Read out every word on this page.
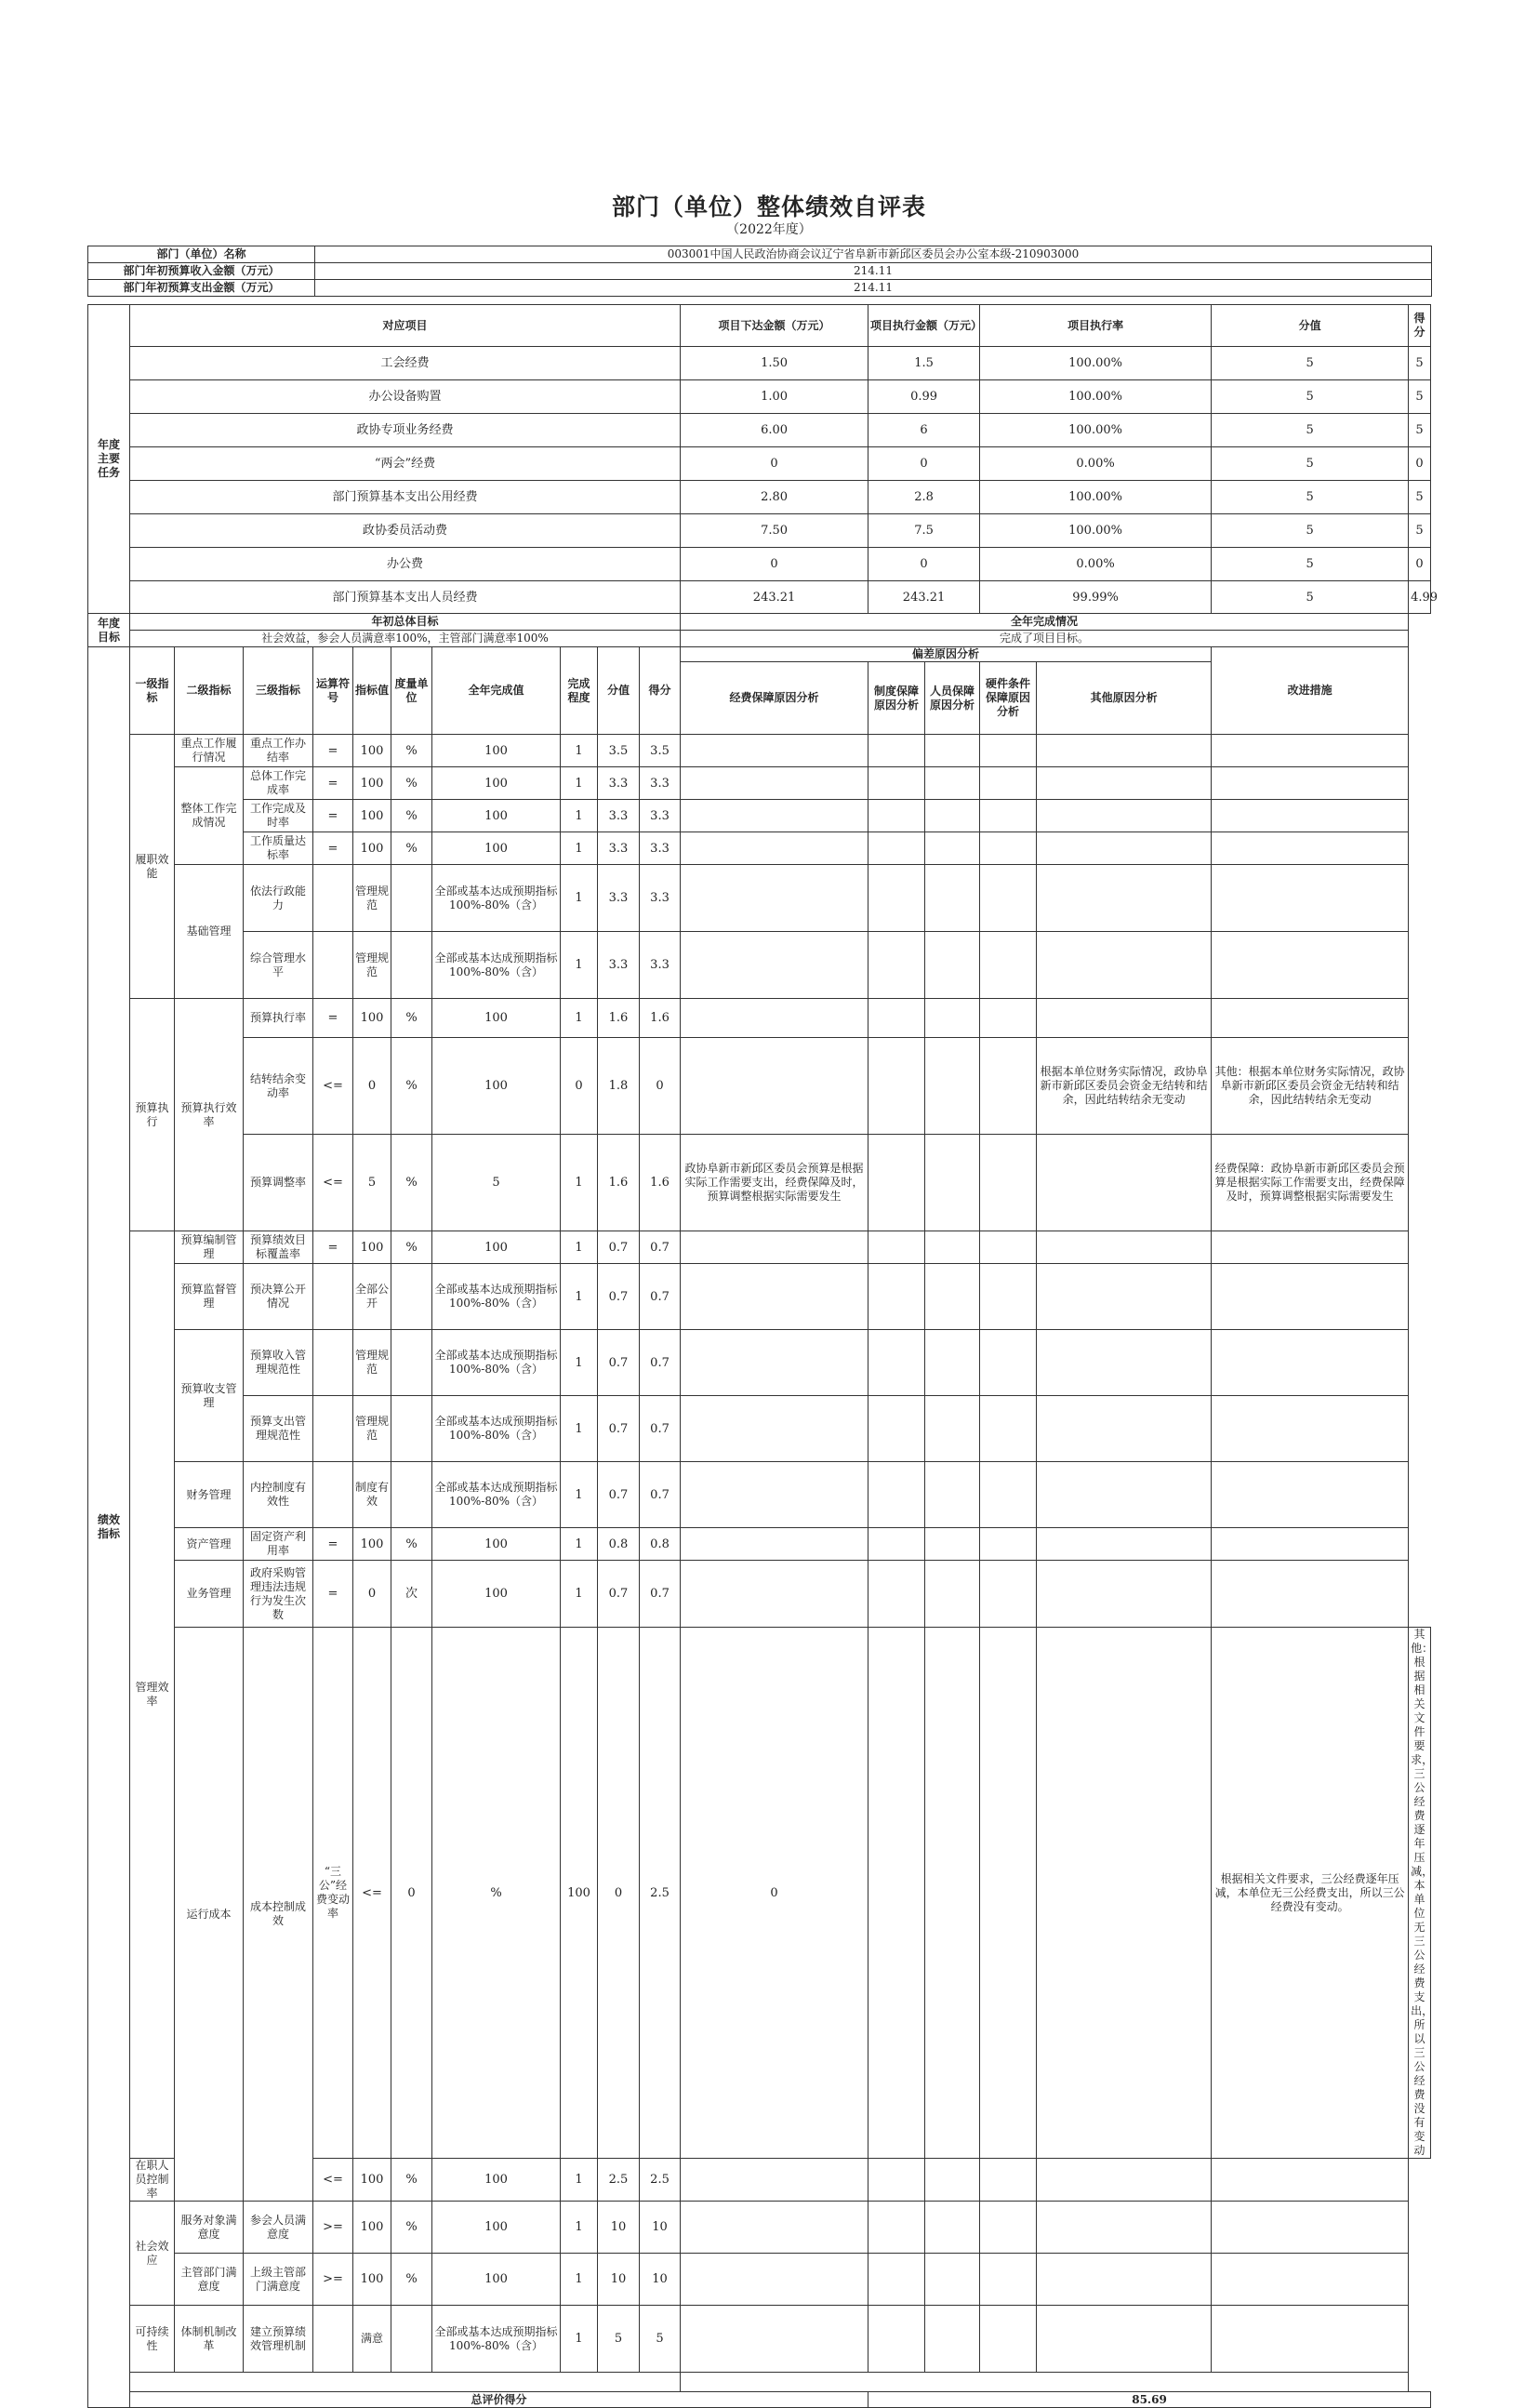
部门（单位）整体绩效自评表
（2022年度）
部门（单位）名称	003001中国人民政治协商会议辽宁省阜新市新邱区委员会办公室本级-210903000
部门年初预算收入金额（万元）	214.11
部门年初预算支出金额（万元）	214.11
年度主要任务	对应项目										项目下达金额（万元）	项目执行金额（万元）		项目执行率		分值	得分
	工会经费										1.50	1.5		100.00%		5	5
	办公设备购置										1.00	0.99		100.00%		5	5
	政协专项业务经费										6.00	6		100.00%		5	5
	“两会”经费										0	0		0.00%		5	0
	部门预算基本支出公用经费										2.80	2.8		100.00%		5	5
	政协委员活动费										7.50	7.5		100.00%		5	5
	办公费										0	0		0.00%		5	0
	部门预算基本支出人员经费										243.21	243.21		99.99%		5	4.99
年度目标	年初总体目标										全年完成情况						
	社会效益，参会人员满意率100%，主管部门满意率100%										完成了项目目标。						
绩效指标	一级指标	二级指标	三级指标	运算符号	指标值	度量单位	全年完成值	完成程度	分值	得分	偏差原因分析					改进措施	
											经费保障原因分析	制度保障原因分析	人员保障原因分析	硬件条件保障原因分析	其他原因分析		
	履职效能	重点工作履行情况	重点工作办结率	=	100	%	100	1	3.5	3.5							
		整体工作完成情况	总体工作完成率	=	100	%	100	1	3.3	3.3							
			工作完成及时率	=	100	%	100	1	3.3	3.3							
			工作质量达标率	=	100	%	100	1	3.3	3.3							
		基础管理	依法行政能力		管理规范		全部或基本达成预期指标100%-80%（含）	1	3.3	3.3							
			综合管理水平		管理规范		全部或基本达成预期指标100%-80%（含）	1	3.3	3.3							
	预算执行	预算执行效率	预算执行率	=	100	%	100	1	1.6	1.6							
			结转结余变动率	<=	0	%	100	0	1.8	0					根据本单位财务实际情况，政协阜新市新邱区委员会资金无结转和结余，因此结转结余无变动	其他：根据本单位财务实际情况，政协阜新市新邱区委员会资金无结转和结余，因此结转结余无变动	
			预算调整率	<=	5	%	5	1	1.6	1.6	政协阜新市新邱区委员会预算是根据实际工作需要支出，经费保障及时，预算调整根据实际需要发生					经费保障：政协阜新市新邱区委员会预算是根据实际工作需要支出，经费保障及时，预算调整根据实际需要发生	
	管理效率	预算编制管理	预算绩效目标覆盖率	=	100	%	100	1	0.7	0.7							
		预算监督管理	预决算公开情况		全部公开		全部或基本达成预期指标100%-80%（含）	1	0.7	0.7							
		预算收支管理	预算收入管理规范性		管理规范		全部或基本达成预期指标100%-80%（含）	1	0.7	0.7							
			预算支出管理规范性		管理规范		全部或基本达成预期指标100%-80%（含）	1	0.7	0.7							
		财务管理	内控制度有效性		制度有效		全部或基本达成预期指标100%-80%（含）	1	0.7	0.7							
		资产管理	固定资产利用率	=	100	%	100	1	0.8	0.8							
		业务管理	政府采购管理违法违规行为发生次数	=	0	次	100	1	0.7	0.7							
		运行成本	成本控制成效	“三公”经费变动率	<=	0	%	100	0	2.5	0					根据相关文件要求，三公经费逐年压减，本单位无三公经费支出，所以三公经费没有变动。	其他：根据相关文件要求，三公经费逐年压减，本单位无三公经费支出，所以三公经费没有变动
	在职人员控制率			<=	100	%	100	1	2.5	2.5							
	社会效应	服务对象满意度	参会人员满意度	>=	100	%	100	1	10	10							
		主管部门满意度	上级主管部门满意度	>=	100	%	100	1	10	10							
	可持续性	体制机制改革	建立预算绩效管理机制		满意		全部或基本达成预期指标100%-80%（含）	1	5	5							

	总评价得分											85.69					
